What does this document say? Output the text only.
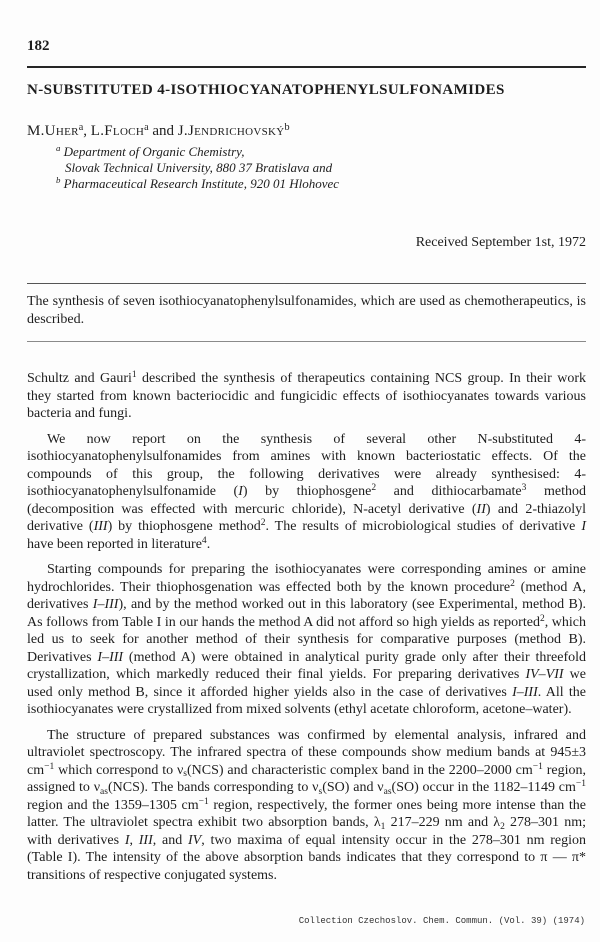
182
N-SUBSTITUTED 4-ISOTHIOCYANATOPHENYLSULFONAMIDES
M.Uher$^a$, L.Floch$^a$ and J.Jendrichovský$^b$
$^a$ Department of Organic Chemistry,
Slovak Technical University, 880 37 Bratislava and
$^b$ Pharmaceutical Research Institute, 920 01 Hlohovec
Received September 1st, 1972

The synthesis of seven isothiocyanatophenylsulfonamides, which are used as chemotherapeutics, is described.

Schultz and Gauri$^1$ described the synthesis of therapeutics containing NCS group. In their work they started from known bacteriocidic and fungicidic effects of isothiocyanates towards various bacteria and fungi.

We now report on the synthesis of several other N-substituted 4-isothiocyanatophenylsulfonamides from amines with known bacteriostatic effects. Of the compounds of this group, the following derivatives were already synthesised: 4-isothiocyanatophenylsulfonamide (I) by thiophosgene$^2$ and dithiocarbamate$^3$ method (decomposition was effected with mercuric chloride), N-acetyl derivative (II) and 2-thiazolyl derivative (III) by thiophosgene method$^2$. The results of microbiological studies of derivative I have been reported in literature$^4$.

Starting compounds for preparing the isothiocyanates were corresponding amines or amine hydrochlorides. Their thiophosgenation was effected both by the known procedure$^2$ (method A, derivatives I–III), and by the method worked out in this laboratory (see Experimental, method B). As follows from Table I in our hands the method A did not afford so high yields as reported$^2$, which led us to seek for another method of their synthesis for comparative purposes (method B). Derivatives I–III (method A) were obtained in analytical purity grade only after their threefold crystallization, which markedly reduced their final yields. For preparing derivatives IV–VII we used only method B, since it afforded higher yields also in the case of derivatives I–III. All the isothiocyanates were crystallized from mixed solvents (ethyl acetate chloroform, acetone–water).

The structure of prepared substances was confirmed by elemental analysis, infrared and ultraviolet spectroscopy. The infrared spectra of these compounds show medium bands at 945±3 $cm^{-1}$ which correspond to $\nu_s(NCS)$ and characteristic complex band in the 2200–2000 $cm^{-1}$ region, assigned to $\nu_{as}(NCS)$. The bands corresponding to $\nu_s(SO)$ and $\nu_{as}(SO)$ occur in the 1182–1149 $cm^{-1}$ region and the 1359–1305 $cm^{-1}$ region, respectively, the former ones being more intense than the latter. The ultraviolet spectra exhibit two absorption bands, $\lambda_1$ 217–229 nm and $\lambda_2$ 278–301 nm; with derivatives I, III, and IV, two maxima of equal intensity occur in the 278–301 nm region (Table I). The intensity of the above absorption bands indicates that they correspond to π — π* transitions of respective conjugated systems.

Collection Czechoslov. Chem. Commun. (Vol. 39) (1974)
